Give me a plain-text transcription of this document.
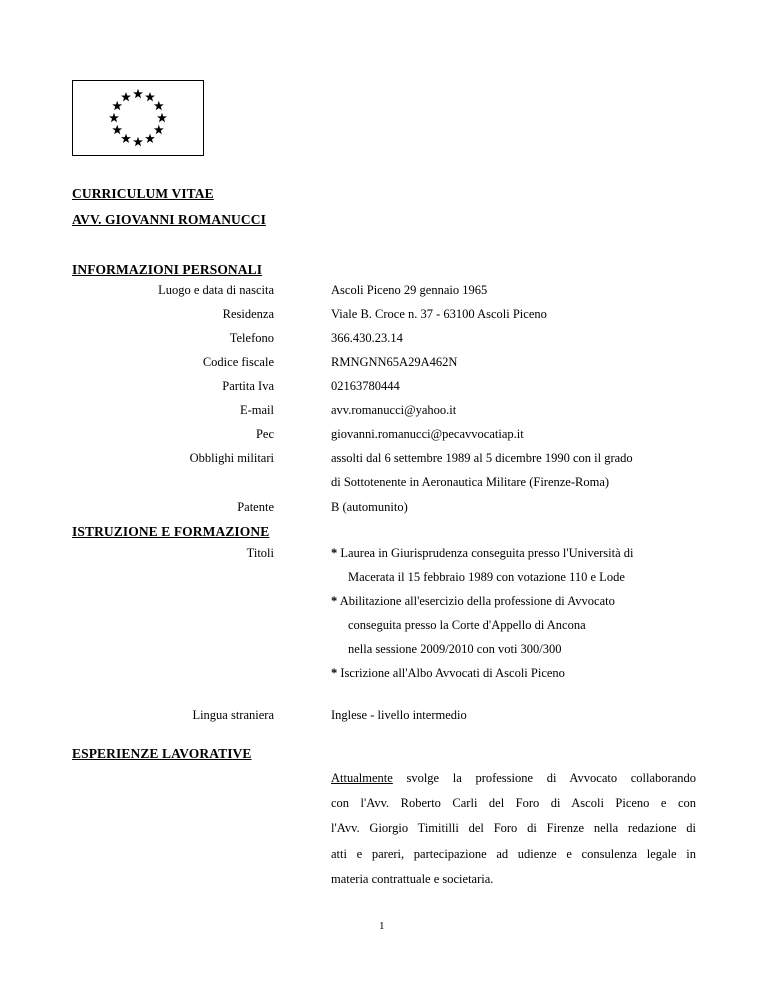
CURRICULUM VITAE
AVV. GIOVANNI ROMANUCCI
INFORMAZIONI PERSONALI
Luogo e data di nascita	Ascoli Piceno 29 gennaio 1965
Residenza	Viale B. Croce n. 37 - 63100 Ascoli Piceno
Telefono	366.430.23.14
Codice fiscale	RMNGNN65A29A462N
Partita Iva	02163780444
E-mail	avv.romanucci@yahoo.it
Pec	giovanni.romanucci@pecavvocatiap.it
Obblighi militari	assolti dal 6 settembre 1989 al 5 dicembre 1990 con il grado
di Sottotenente in Aeronautica Militare (Firenze-Roma)
Patente	B (automunito)
ISTRUZIONE E FORMAZIONE
Titoli	* Laurea in Giurisprudenza conseguita presso l'Università di
Macerata il 15 febbraio 1989 con votazione 110 e Lode
* Abilitazione all'esercizio della professione di Avvocato
conseguita presso la Corte d'Appello di Ancona
nella sessione 2009/2010 con voti 300/300
* Iscrizione all'Albo Avvocati di Ascoli Piceno
Lingua straniera	Inglese - livello intermedio
ESPERIENZE LAVORATIVE
Attualmente svolge la professione di Avvocato collaborando
con l'Avv. Roberto Carli del Foro di Ascoli Piceno e con
l'Avv. Giorgio Timitilli del Foro di Firenze nella redazione di
atti e pareri, partecipazione ad udienze e consulenza legale in
materia contrattuale e societaria.
1
